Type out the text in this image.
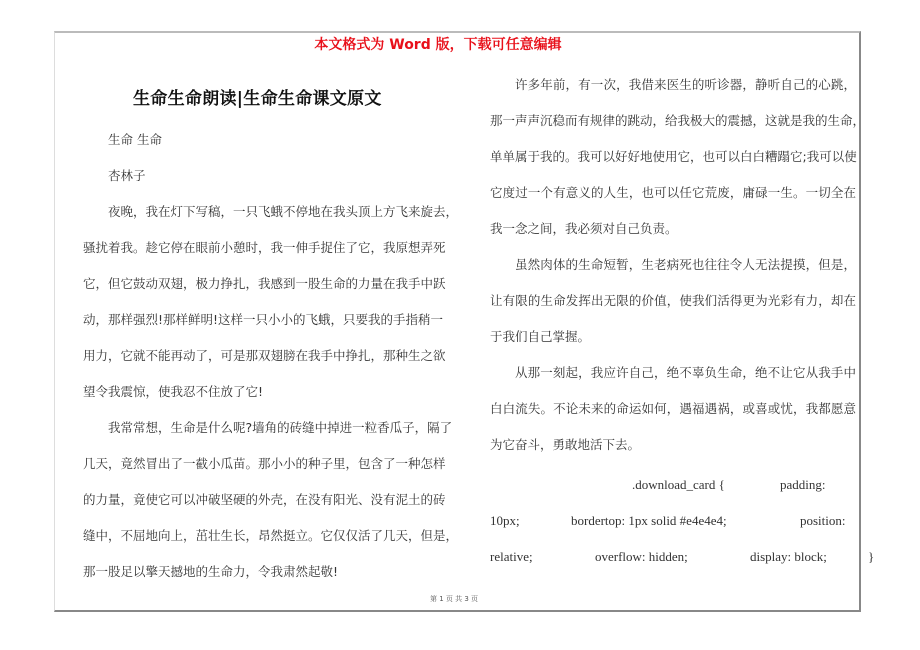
本文格式为 Word 版，下载可任意编辑
生命生命朗读|生命生命课文原文
生命 生命
杏林子
夜晚，我在灯下写稿，一只飞蛾不停地在我头顶上方飞来旋去，
骚扰着我。趁它停在眼前小憩时，我一伸手捉住了它，我原想弄死
它，但它鼓动双翅，极力挣扎，我感到一股生命的力量在我手中跃
动，那样强烈!那样鲜明!这样一只小小的飞蛾，只要我的手指稍一
用力，它就不能再动了，可是那双翅膀在我手中挣扎，那种生之欲
望令我震惊，使我忍不住放了它!
我常常想，生命是什么呢?墙角的砖缝中掉进一粒香瓜子，隔了
几天，竟然冒出了一截小瓜苗。那小小的种子里，包含了一种怎样
的力量，竟使它可以冲破坚硬的外壳，在没有阳光、没有泥土的砖
缝中，不屈地向上，茁壮生长，昂然挺立。它仅仅活了几天，但是，
那一股足以擎天撼地的生命力，令我肃然起敬!
许多年前，有一次，我借来医生的听诊器，静听自己的心跳，
那一声声沉稳而有规律的跳动，给我极大的震撼，这就是我的生命，
单单属于我的。我可以好好地使用它，也可以白白糟蹋它;我可以使
它度过一个有意义的人生，也可以任它荒废，庸碌一生。一切全在
我一念之间，我必须对自己负责。
虽然肉体的生命短暂，生老病死也往往令人无法提摸，但是，
让有限的生命发挥出无限的价值，使我们活得更为光彩有力，却在
于我们自己掌握。
从那一刻起，我应许自己，绝不辜负生命，绝不让它从我手中
白白流失。不论未来的命运如何，遇福遇祸，或喜或忧，我都愿意
为它奋斗，勇敢地活下去。
.download_card {	padding:
10px;	bordertop: 1px solid #e4e4e4;	position:
relative;	overflow: hidden;	display: block;	}
第 1 页 共 3 页
